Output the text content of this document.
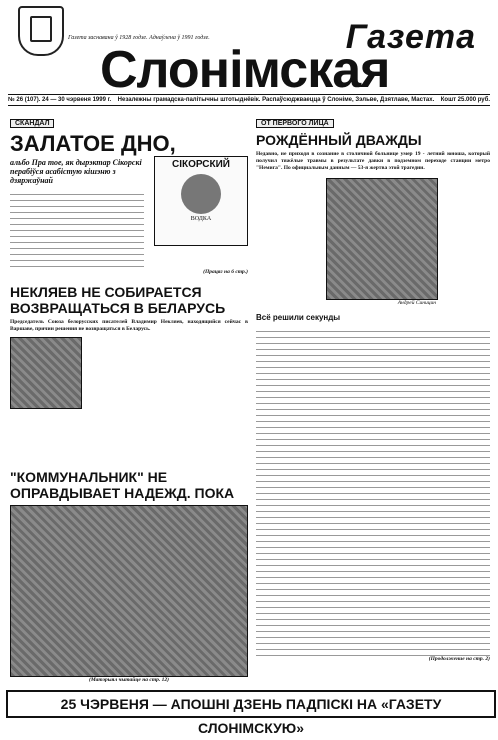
Газета заснавана ў 1928 годзе. Аднаўлена ў 1991 годзе.	Газета
Слонімская
№ 26 (107). 24 — 30 чэрвеня 1999 г. Незалежны грамадска-палітычны штотыднёвік. Распаўсюджваецца ў Слоніме, Зэльве, Дзятлаве, Мастах. Кошт 25.000 руб.
СКАНДАЛ
ЗАЛАТОЕ ДНО,
альбо Пра тое, як дырэктар Сікорскі перабіўся асабістую кішэню з дзяржаўнай
СІКОРСКИЙ
ВОДКА
(Працяг на 6 стр.)
НЕКЛЯЕВ НЕ СОБИРАЕТСЯ ВОЗВРАЩАТЬСЯ В БЕЛАРУСЬ
Председатель Союза белорусских писателей Владимир Некляев, находящийся сейчас в Варшаве, причин решения не возвращаться в Беларусь.
"КОММУНАЛЬНИК" НЕ ОПРАВДЫВАЕТ НАДЕЖД. ПОКА
(Матэрыял чытайце на стр. 12)
ОТ ПЕРВОГО ЛИЦА
РОЖДЁННЫЙ ДВАЖДЫ
Недавно, не приходя в сознание в столичной больнице умер 19 - летний юноша, который получил тяжёлые травмы в результате давки в подземном переходе станции метро "Немига". По официальным данным — 53-я жертва этой трагедии.
Андрей Синицин
Всё решили секунды
(Продолжение на стр. 2)
25 ЧЭРВЕНЯ — АПОШНІ ДЗЕНЬ ПАДПІСКІ НА «ГАЗЕТУ СЛОНІМСКУЮ»
